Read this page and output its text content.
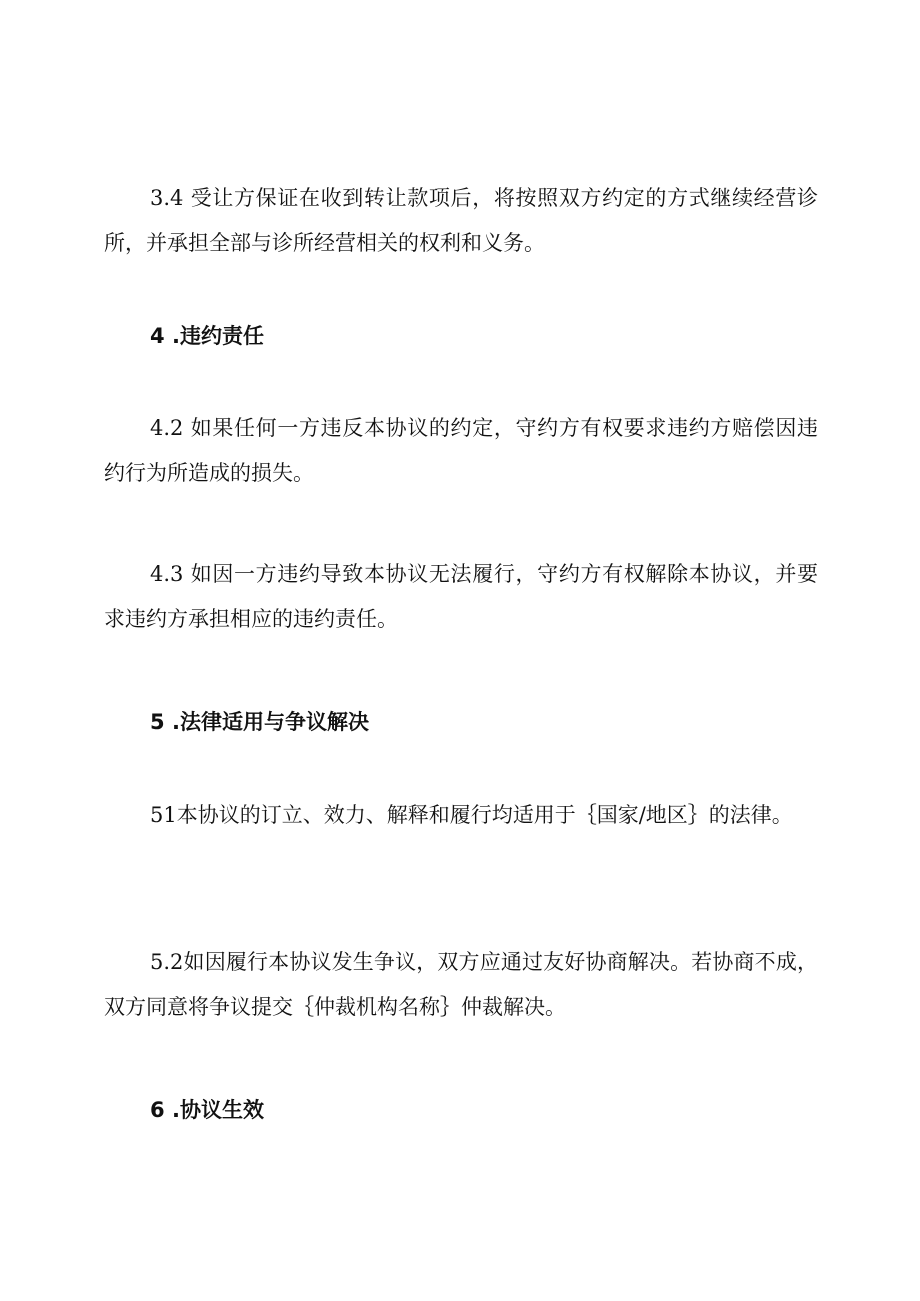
3.4 受让方保证在收到转让款项后，将按照双方约定的方式继续经营诊所，并承担全部与诊所经营相关的权利和义务。

4 .违约责任

4.2 如果任何一方违反本协议的约定，守约方有权要求违约方赔偿因违约行为所造成的损失。

4.3 如因一方违约导致本协议无法履行，守约方有权解除本协议，并要求违约方承担相应的违约责任。

5 .法律适用与争议解决

51本协议的订立、效力、解释和履行均适用于｛国家/地区｝的法律。

5.2如因履行本协议发生争议，双方应通过友好协商解决。若协商不成，双方同意将争议提交｛仲裁机构名称｝仲裁解决。

6 .协议生效
